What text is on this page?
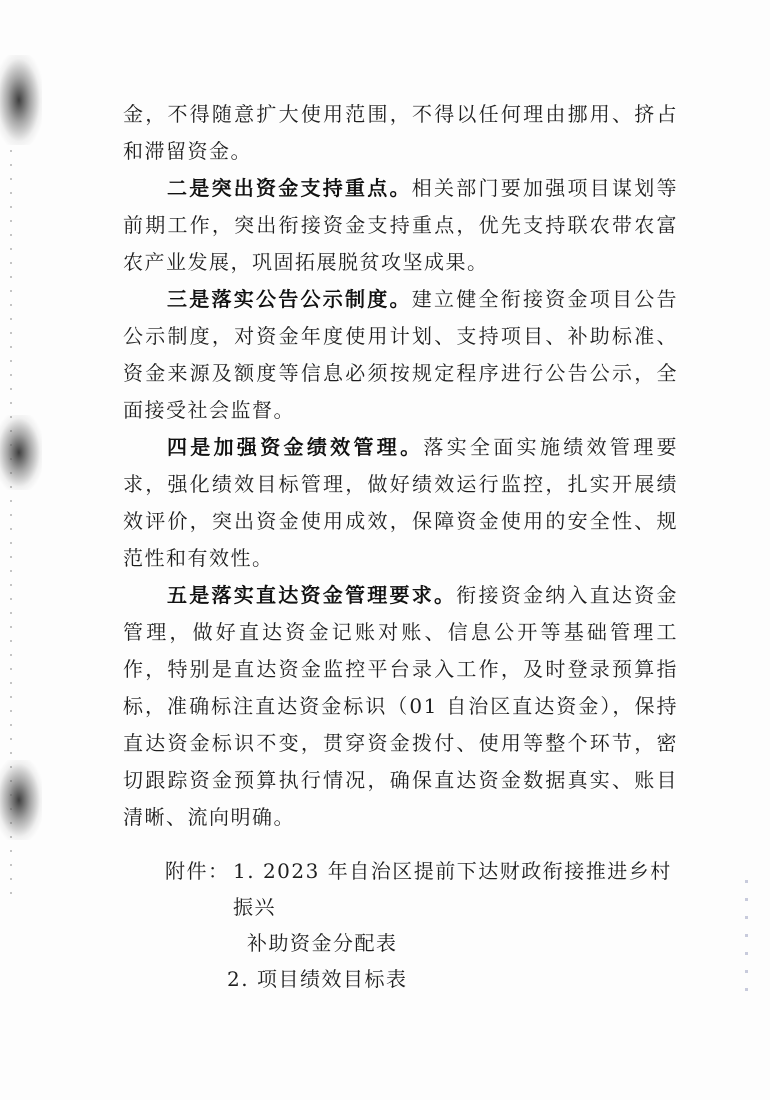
金，不得随意扩大使用范围，不得以任何理由挪用、挤占和滞留资金。

二是突出资金支持重点。相关部门要加强项目谋划等前期工作，突出衔接资金支持重点，优先支持联农带农富农产业发展，巩固拓展脱贫攻坚成果。

三是落实公告公示制度。建立健全衔接资金项目公告公示制度，对资金年度使用计划、支持项目、补助标准、资金来源及额度等信息必须按规定程序进行公告公示，全面接受社会监督。

四是加强资金绩效管理。落实全面实施绩效管理要求，强化绩效目标管理，做好绩效运行监控，扎实开展绩效评价，突出资金使用成效，保障资金使用的安全性、规范性和有效性。

五是落实直达资金管理要求。衔接资金纳入直达资金管理，做好直达资金记账对账、信息公开等基础管理工作，特别是直达资金监控平台录入工作，及时登录预算指标，准确标注直达资金标识（01 自治区直达资金），保持直达资金标识不变，贯穿资金拨付、使用等整个环节，密切跟踪资金预算执行情况，确保直达资金数据真实、账目清晰、流向明确。

附件： 1. 2023 年自治区提前下达财政衔接推进乡村振兴
补助资金分配表
2. 项目绩效目标表
